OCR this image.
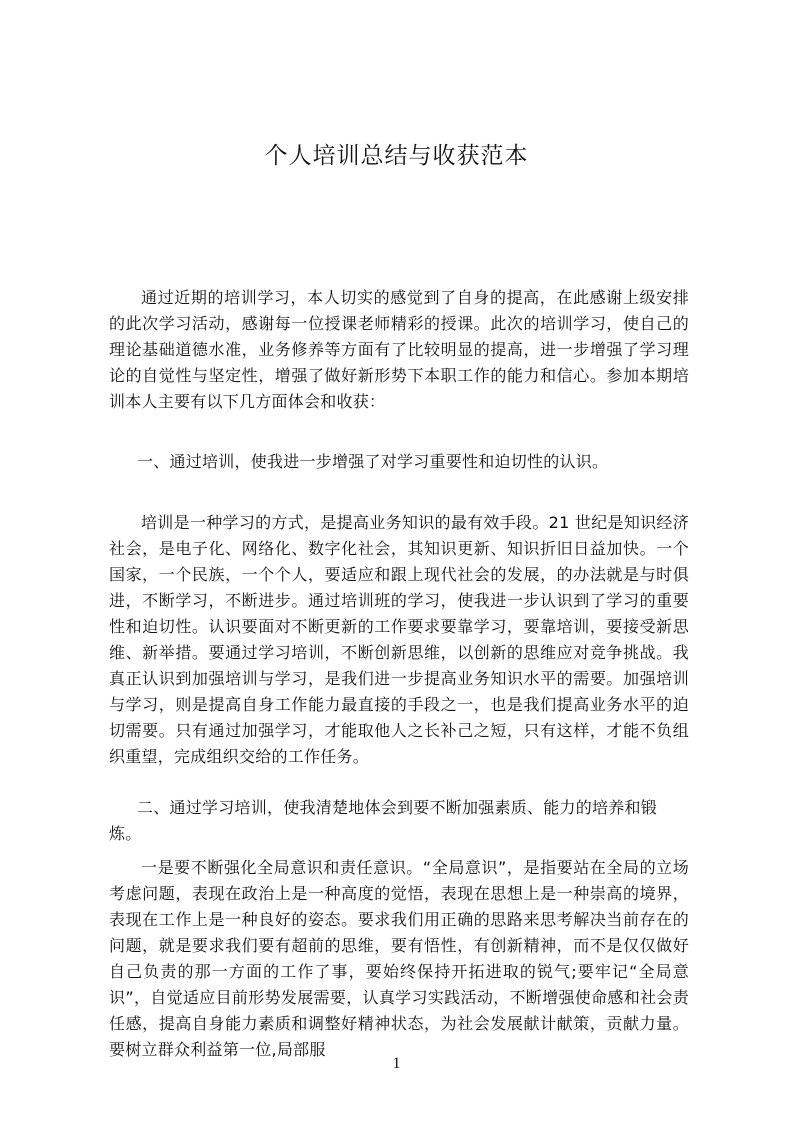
个人培训总结与收获范本

通过近期的培训学习，本人切实的感觉到了自身的提高，在此感谢上级安排的此次学习活动，感谢每一位授课老师精彩的授课。此次的培训学习，使自己的理论基础道德水准，业务修养等方面有了比较明显的提高，进一步增强了学习理论的自觉性与坚定性，增强了做好新形势下本职工作的能力和信心。参加本期培训本人主要有以下几方面体会和收获：

一、通过培训，使我进一步增强了对学习重要性和迫切性的认识。

培训是一种学习的方式，是提高业务知识的最有效手段。21 世纪是知识经济社会，是电子化、网络化、数字化社会，其知识更新、知识折旧日益加快。一个国家，一个民族，一个个人，要适应和跟上现代社会的发展，的办法就是与时俱进，不断学习，不断进步。通过培训班的学习，使我进一步认识到了学习的重要性和迫切性。认识要面对不断更新的工作要求要靠学习，要靠培训，要接受新思维、新举措。要通过学习培训，不断创新思维，以创新的思维应对竞争挑战。我真正认识到加强培训与学习，是我们进一步提高业务知识水平的需要。加强培训与学习，则是提高自身工作能力最直接的手段之一，也是我们提高业务水平的迫切需要。只有通过加强学习，才能取他人之长补己之短，只有这样，才能不负组织重望，完成组织交给的工作任务。

二、通过学习培训，使我清楚地体会到要不断加强素质、能力的培养和锻炼。

一是要不断强化全局意识和责任意识。“全局意识”，是指要站在全局的立场考虑问题，表现在政治上是一种高度的觉悟，表现在思想上是一种崇高的境界，表现在工作上是一种良好的姿态。要求我们用正确的思路来思考解决当前存在的问题，就是要求我们要有超前的思维，要有悟性，有创新精神，而不是仅仅做好自己负责的那一方面的工作了事，要始终保持开拓进取的锐气;要牢记“全局意识”，自觉适应目前形势发展需要，认真学习实践活动，不断增强使命感和社会责任感，提高自身能力素质和调整好精神状态，为社会发展献计献策，贡献力量。要树立群众利益第一位,局部服

1
